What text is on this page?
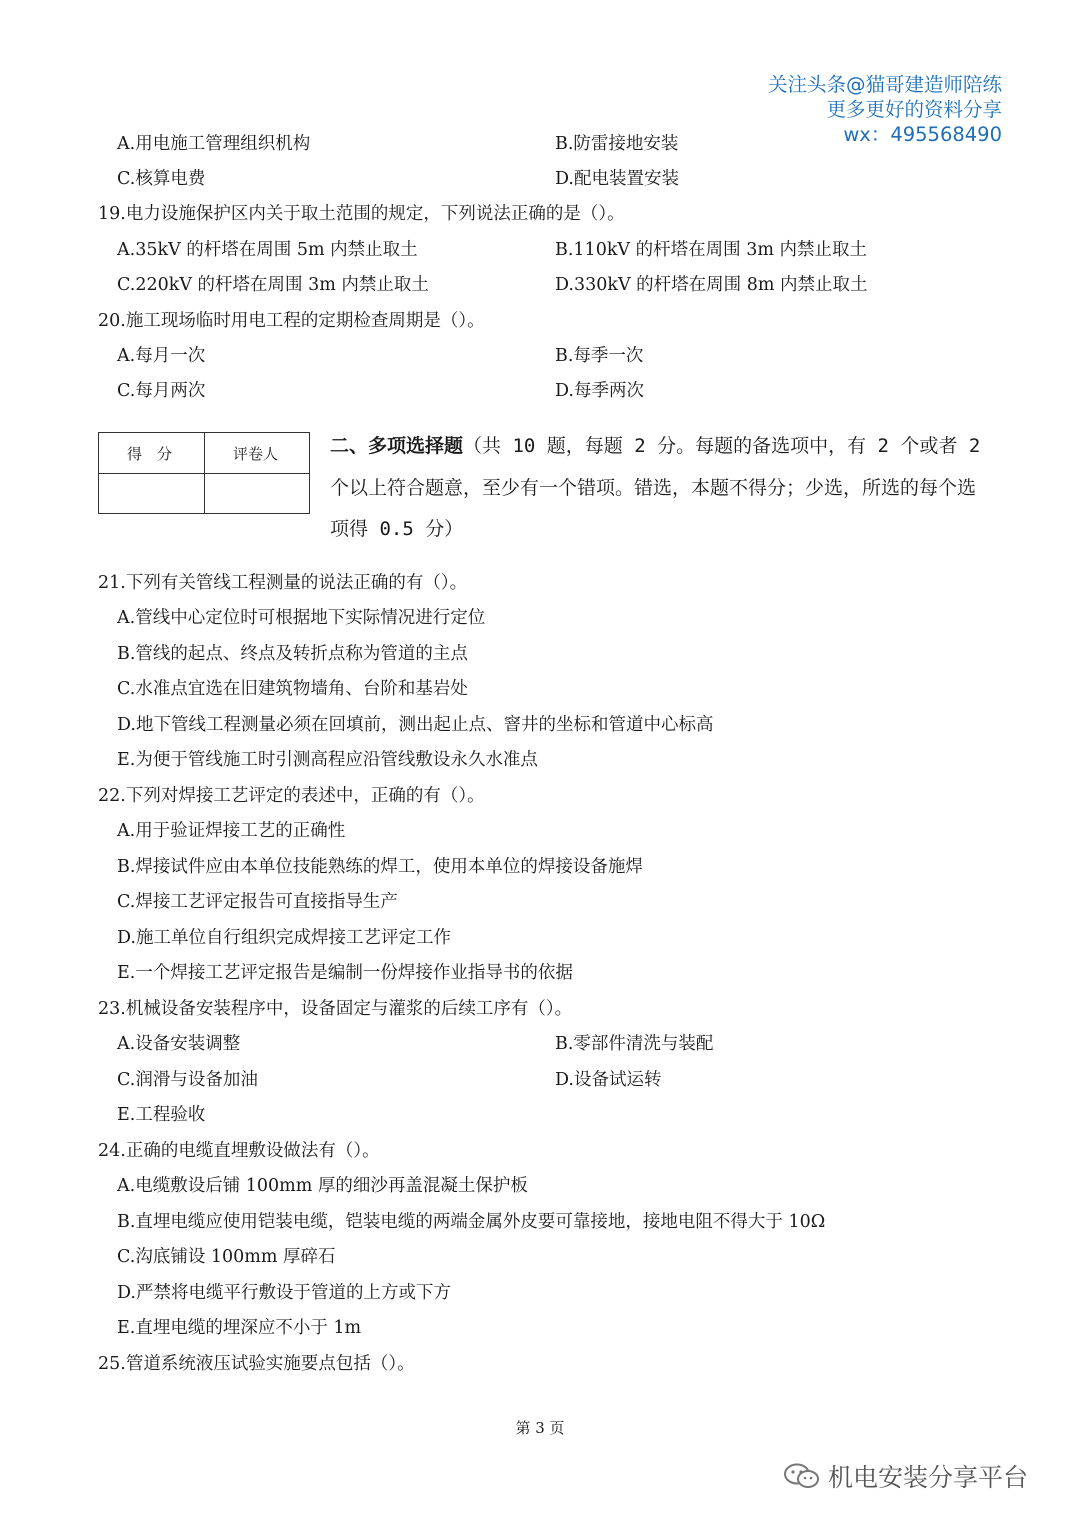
关注头条@猫哥建造师陪练
更多更好的资料分享
wx：495568490
A.用电施工管理组织机构	B.防雷接地安装
C.核算电费	D.配电装置安装
19.电力设施保护区内关于取土范围的规定，下列说法正确的是（）。
A.35kV 的杆塔在周围 5m 内禁止取土	B.110kV 的杆塔在周围 3m 内禁止取土
C.220kV 的杆塔在周围 3m 内禁止取土	D.330kV 的杆塔在周围 8m 内禁止取土
20.施工现场临时用电工程的定期检查周期是（）。
A.每月一次	B.每季一次
C.每月两次	D.每季两次
得　分	评卷人	二、多项选择题（共 10 题，每题 2 分。每题的备选项中，有 2 个或者 2 个以上符合题意，至少有一个错项。错选，本题不得分；少选，所选的每个选项得 0.5 分）
21.下列有关管线工程测量的说法正确的有（）。
A.管线中心定位时可根据地下实际情况进行定位
B.管线的起点、终点及转折点称为管道的主点
C.水准点宜选在旧建筑物墙角、台阶和基岩处
D.地下管线工程测量必须在回填前，测出起止点、窨井的坐标和管道中心标高
E.为便于管线施工时引测高程应沿管线敷设永久水准点
22.下列对焊接工艺评定的表述中，正确的有（）。
A.用于验证焊接工艺的正确性
B.焊接试件应由本单位技能熟练的焊工，使用本单位的焊接设备施焊
C.焊接工艺评定报告可直接指导生产
D.施工单位自行组织完成焊接工艺评定工作
E.一个焊接工艺评定报告是编制一份焊接作业指导书的依据
23.机械设备安装程序中，设备固定与灌浆的后续工序有（）。
A.设备安装调整	B.零部件清洗与装配
C.润滑与设备加油	D.设备试运转
E.工程验收
24.正确的电缆直埋敷设做法有（）。
A.电缆敷设后铺 100mm 厚的细沙再盖混凝土保护板
B.直埋电缆应使用铠装电缆，铠装电缆的两端金属外皮要可靠接地，接地电阻不得大于 10Ω
C.沟底铺设 100mm 厚碎石
D.严禁将电缆平行敷设于管道的上方或下方
E.直埋电缆的埋深应不小于 1m
25.管道系统液压试验实施要点包括（）。
第 3 页
机电安装分享平台
